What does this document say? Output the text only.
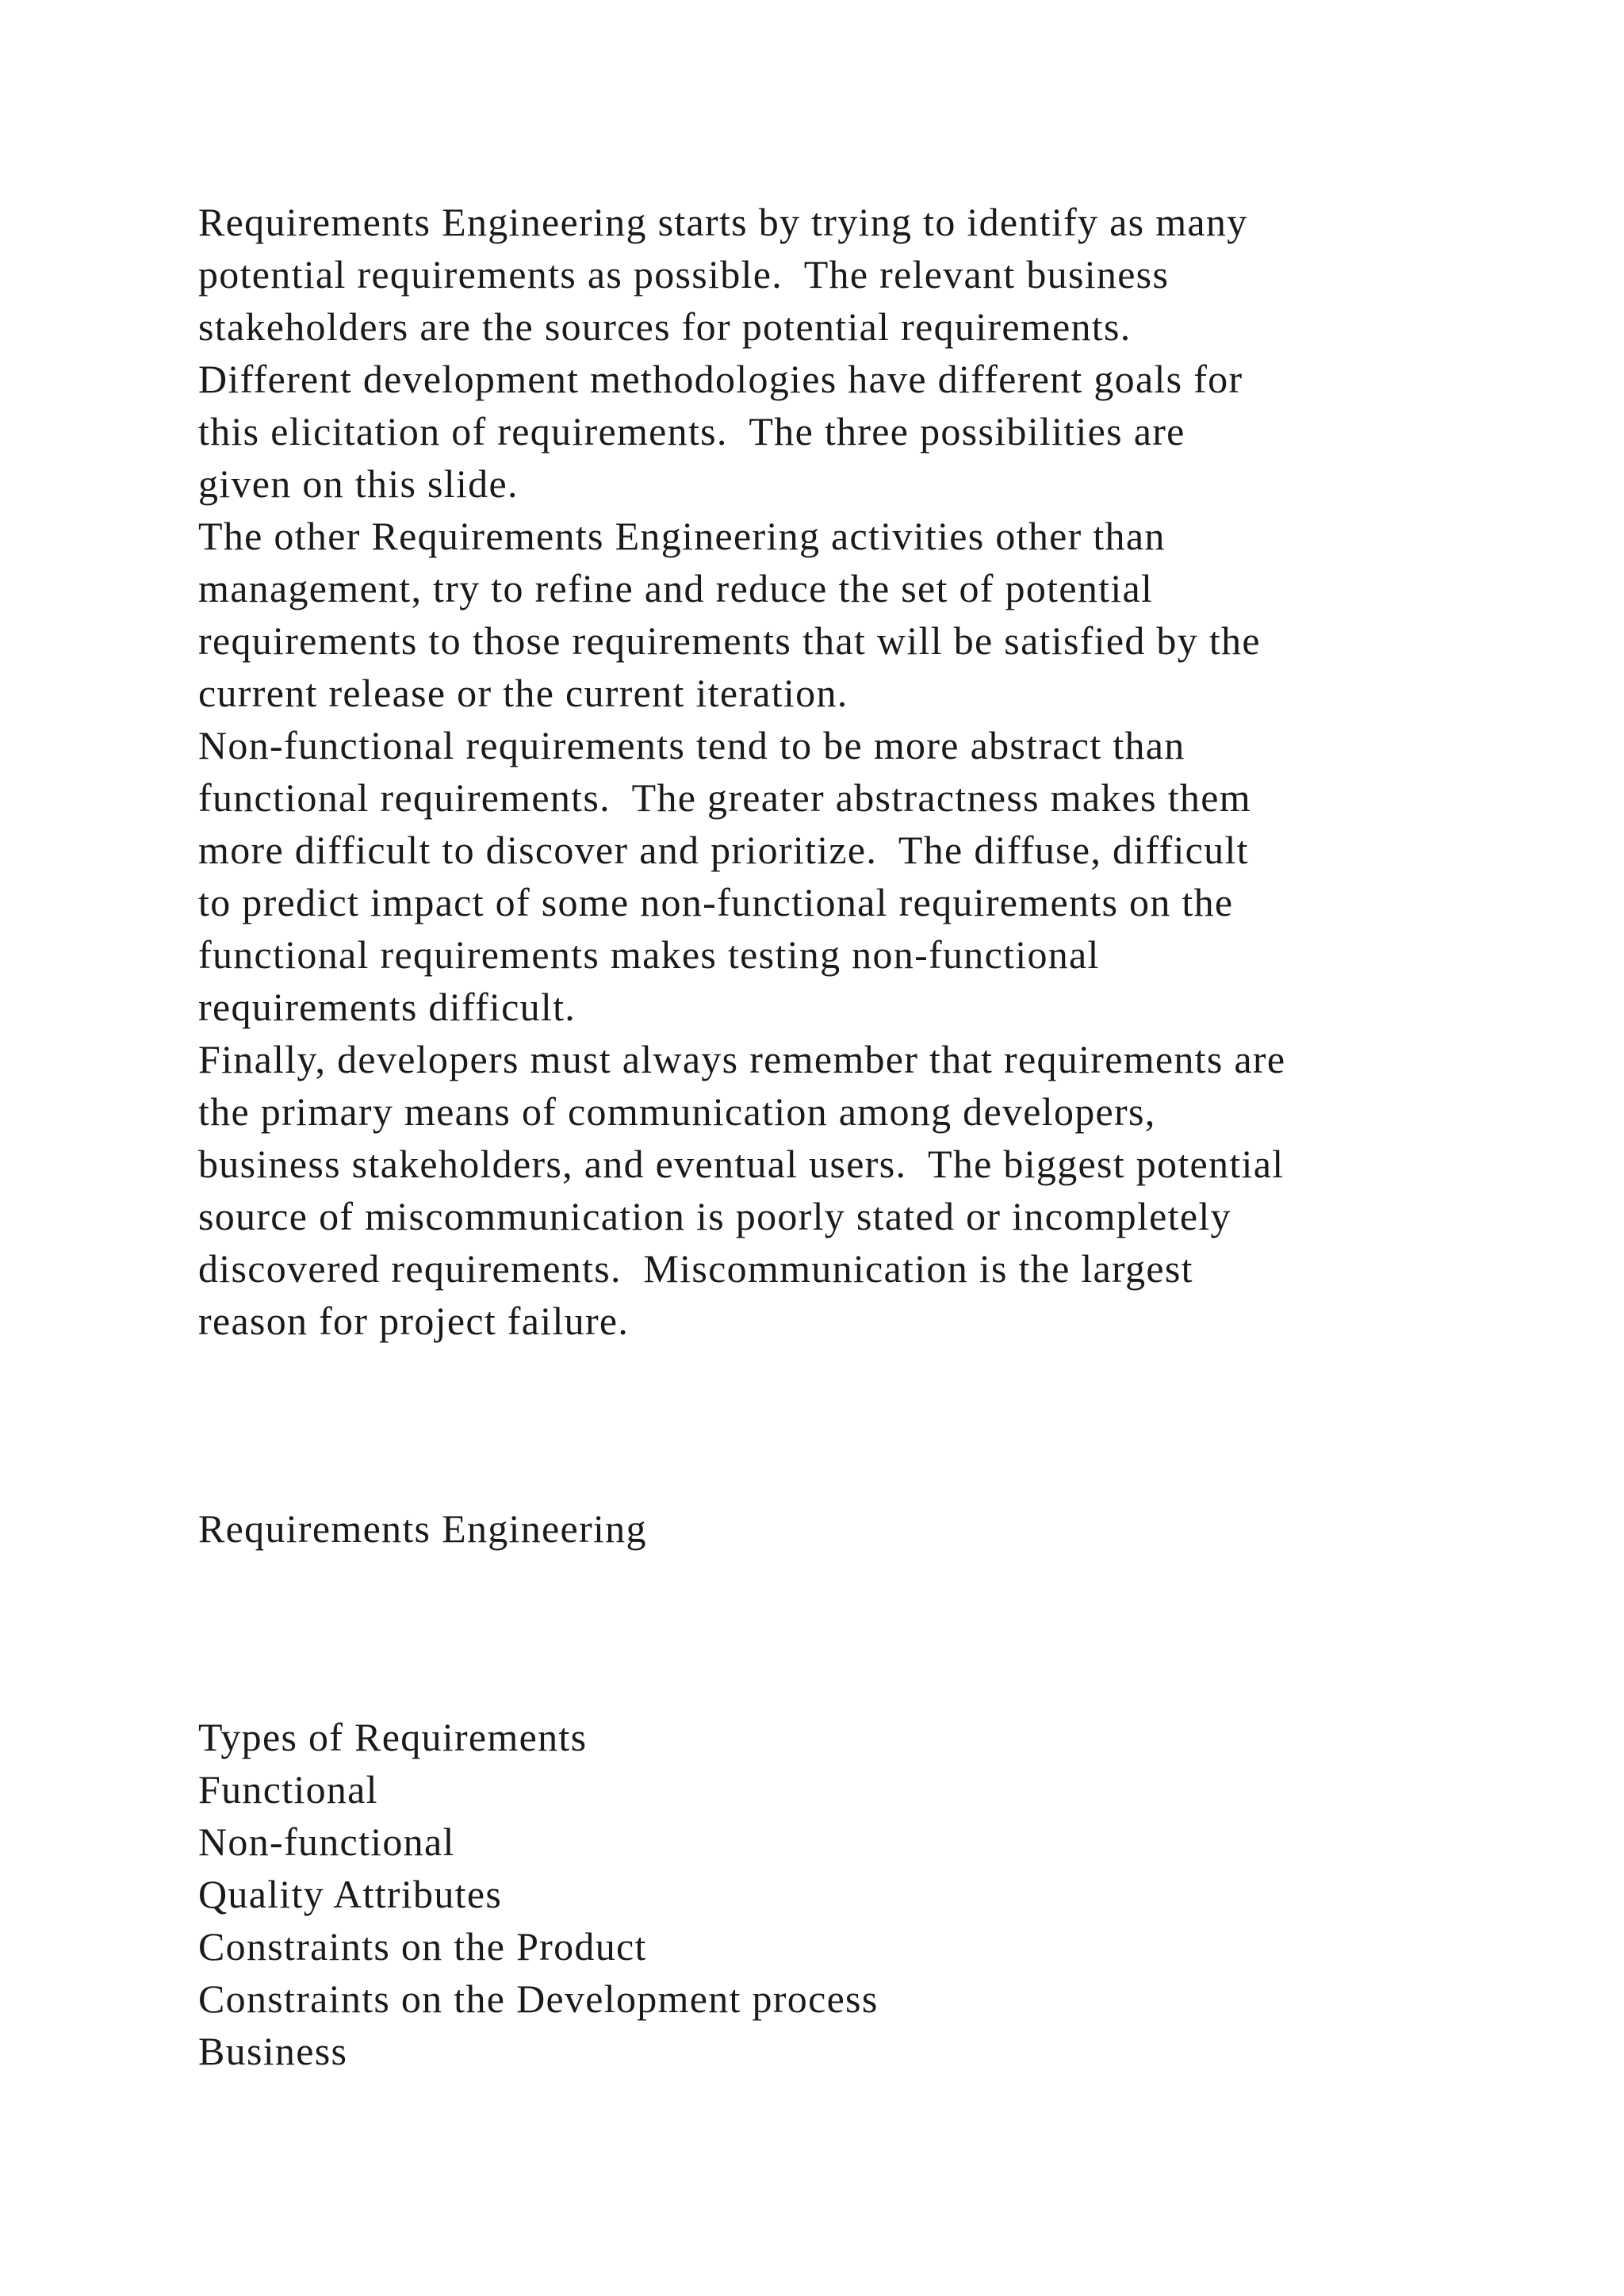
Requirements Engineering starts by trying to identify as many

potential requirements as possible.  The relevant business

stakeholders are the sources for potential requirements.

Different development methodologies have different goals for

this elicitation of requirements.  The three possibilities are

given on this slide.

The other Requirements Engineering activities other than

management, try to refine and reduce the set of potential

requirements to those requirements that will be satisfied by the

current release or the current iteration.

Non-functional requirements tend to be more abstract than

functional requirements.  The greater abstractness makes them

more difficult to discover and prioritize.  The diffuse, difficult

to predict impact of some non-functional requirements on the

functional requirements makes testing non-functional

requirements difficult.

Finally, developers must always remember that requirements are

the primary means of communication among developers,

business stakeholders, and eventual users.  The biggest potential

source of miscommunication is poorly stated or incompletely

discovered requirements.  Miscommunication is the largest

reason for project failure.

Requirements Engineering

Types of Requirements

Functional

Non-functional

Quality Attributes

Constraints on the Product

Constraints on the Development process

Business
